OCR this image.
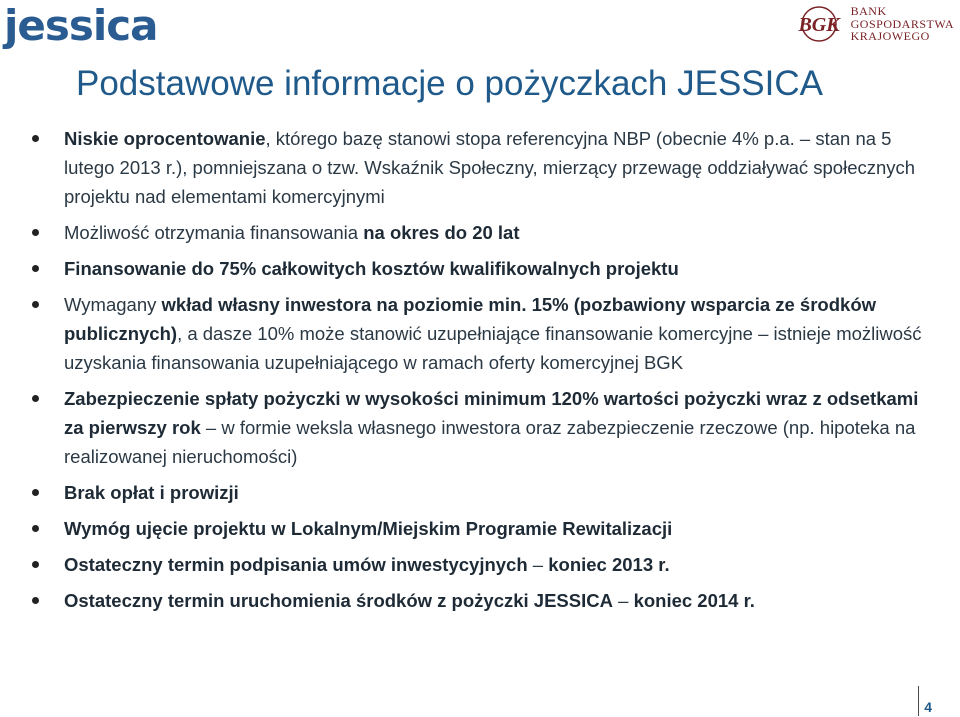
jessica	BGK
BANK
GOSPODARSTWA
KRAJOWEGO
Podstawowe informacje o pożyczkach JESSICA
Niskie oprocentowanie, którego bazę stanowi stopa referencyjna NBP (obecnie 4% p.a. – stan na 5 lutego 2013 r.), pomniejszana o tzw. Wskaźnik Społeczny, mierzący przewagę oddziaływać społecznych projektu nad elementami komercyjnymi
Możliwość otrzymania finansowania na okres do 20 lat
Finansowanie do 75% całkowitych kosztów kwalifikowalnych projektu
Wymagany wkład własny inwestora na poziomie min. 15% (pozbawiony wsparcia ze środków publicznych), a dasze 10% może stanowić uzupełniające finansowanie komercyjne – istnieje możliwość uzyskania finansowania uzupełniającego w ramach oferty komercyjnej BGK
Zabezpieczenie spłaty pożyczki w wysokości minimum 120% wartości pożyczki wraz z odsetkami za pierwszy rok – w formie weksla własnego inwestora oraz zabezpieczenie rzeczowe (np. hipoteka na realizowanej nieruchomości)
Brak opłat i prowizji
Wymóg ujęcie projektu w Lokalnym/Miejskim Programie Rewitalizacji
Ostateczny termin podpisania umów inwestycyjnych – koniec 2013 r.
Ostateczny termin uruchomienia środków z pożyczki JESSICA – koniec 2014 r.
4
